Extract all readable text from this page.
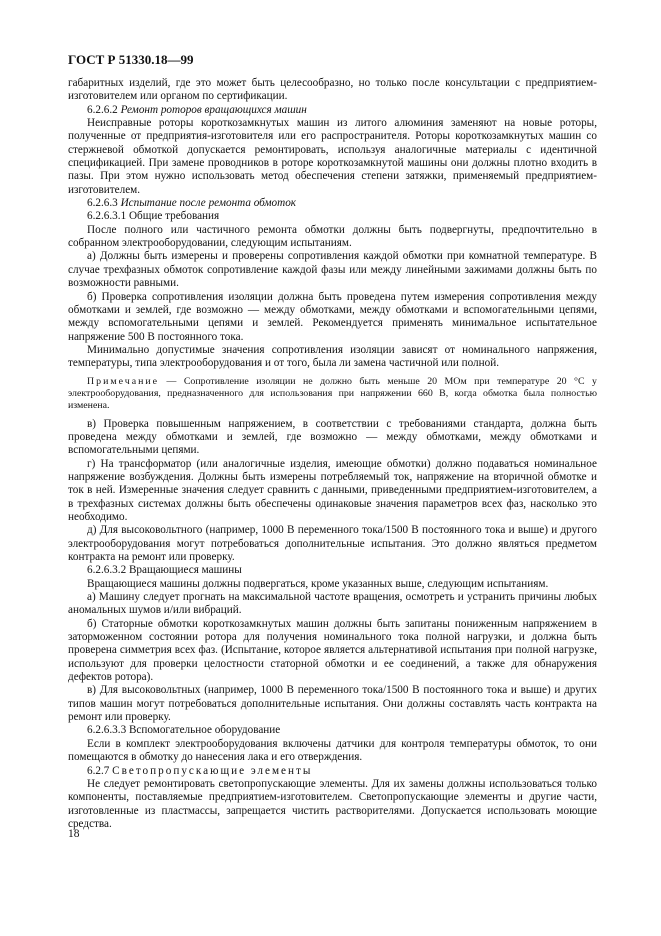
ГОСТ Р 51330.18—99

габаритных изделий, где это может быть целесообразно, но только после консультации с предприятием-изготовителем или органом по сертификации.

6.2.6.2 Ремонт роторов вращающихся машин

Неисправные роторы короткозамкнутых машин из литого алюминия заменяют на новые роторы, полученные от предприятия-изготовителя или его распространителя. Роторы короткозамкнутых машин со стержневой обмоткой допускается ремонтировать, используя аналогичные материалы с идентичной спецификацией. При замене проводников в роторе короткозамкнутой машины они должны плотно входить в пазы. При этом нужно использовать метод обеспечения степени затяжки, применяемый предприятием-изготовителем.

6.2.6.3 Испытание после ремонта обмоток

6.2.6.3.1 Общие требования

После полного или частичного ремонта обмотки должны быть подвергнуты, предпочтительно в собранном электрооборудовании, следующим испытаниям.

а) Должны быть измерены и проверены сопротивления каждой обмотки при комнатной температуре. В случае трехфазных обмоток сопротивление каждой фазы или между линейными зажимами должны быть по возможности равными.

б) Проверка сопротивления изоляции должна быть проведена путем измерения сопротивления между обмотками и землей, где возможно — между обмотками, между обмотками и вспомогательными цепями, между вспомогательными цепями и землей. Рекомендуется применять минимальное испытательное напряжение 500 В постоянного тока.

Минимально допустимые значения сопротивления изоляции зависят от номинального напряжения, температуры, типа электрооборудования и от того, была ли замена частичной или полной.

Примечание — Сопротивление изоляции не должно быть меньше 20 МОм при температуре 20 °С у электрооборудования, предназначенного для использования при напряжении 660 В, когда обмотка была полностью изменена.

в) Проверка повышенным напряжением, в соответствии с требованиями стандарта, должна быть проведена между обмотками и землей, где возможно — между обмотками, между обмотками и вспомогательными цепями.

г) На трансформатор (или аналогичные изделия, имеющие обмотки) должно подаваться номинальное напряжение возбуждения. Должны быть измерены потребляемый ток, напряжение на вторичной обмотке и ток в ней. Измеренные значения следует сравнить с данными, приведенными предприятием-изготовителем, а в трехфазных системах должны быть обеспечены одинаковые значения параметров всех фаз, насколько это необходимо.

д) Для высоковольтного (например, 1000 В переменного тока/1500 В постоянного тока и выше) и другого электрооборудования могут потребоваться дополнительные испытания. Это должно являться предметом контракта на ремонт или проверку.

6.2.6.3.2 Вращающиеся машины

Вращающиеся машины должны подвергаться, кроме указанных выше, следующим испытаниям.

а) Машину следует прогнать на максимальной частоте вращения, осмотреть и устранить причины любых аномальных шумов и/или вибраций.

б) Статорные обмотки короткозамкнутых машин должны быть запитаны пониженным напряжением в заторможенном состоянии ротора для получения номинального тока полной нагрузки, и должна быть проверена симметрия всех фаз. (Испытание, которое является альтернативой испытания при полной нагрузке, используют для проверки целостности статорной обмотки и ее соединений, а также для обнаружения дефектов ротора).

в) Для высоковольтных (например, 1000 В переменного тока/1500 В постоянного тока и выше) и других типов машин могут потребоваться дополнительные испытания. Они должны составлять часть контракта на ремонт или проверку.

6.2.6.3.3 Вспомогательное оборудование

Если в комплект электрооборудования включены датчики для контроля температуры обмоток, то они помещаются в обмотку до нанесения лака и его отверждения.

6.2.7 Светопропускающие элементы

Не следует ремонтировать светопропускающие элементы. Для их замены должны использоваться только компоненты, поставляемые предприятием-изготовителем. Светопропускающие элементы и другие части, изготовленные из пластмассы, запрещается чистить растворителями. Допускается использовать моющие средства.

18
